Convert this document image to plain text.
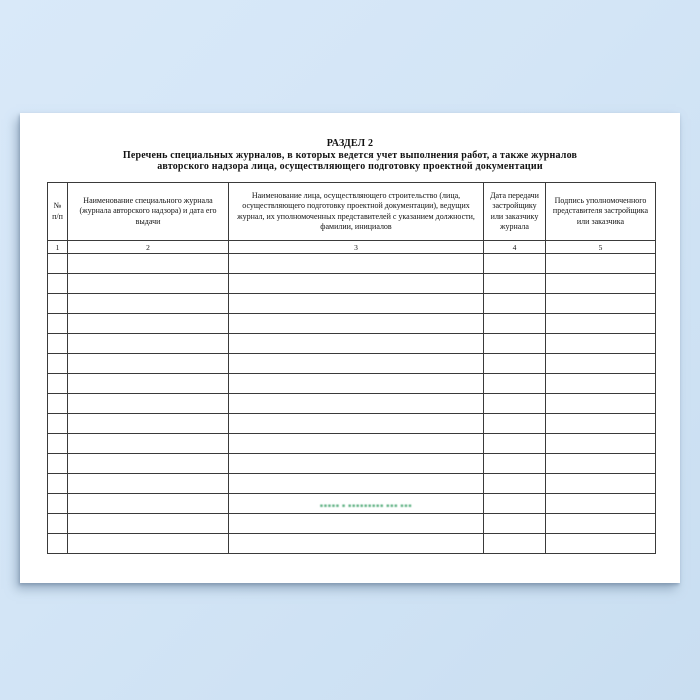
РАЗДЕЛ 2
Перечень специальных журналов, в которых ведется учет выполнения работ, а также журналов
авторского надзора лица, осуществляющего подготовку проектной документации
№ п/п	Наименование специального журнала (журнала авторского надзора) и дата его выдачи	Наименование лица, осуществляющего строительство (лица, осуществляющего подготовку проектной документации), ведущих журнал, их уполномоченных представителей с указанием должности, фамилии, инициалов	Дата передачи застройщику или заказчику журнала	Подпись уполномоченного представителя застройщика или заказчика
1	2	3	4	5

▪▪▪▪▪ ▪ ▪▪▪▪▪▪▪▪▪ ▪▪▪ ▪▪▪
